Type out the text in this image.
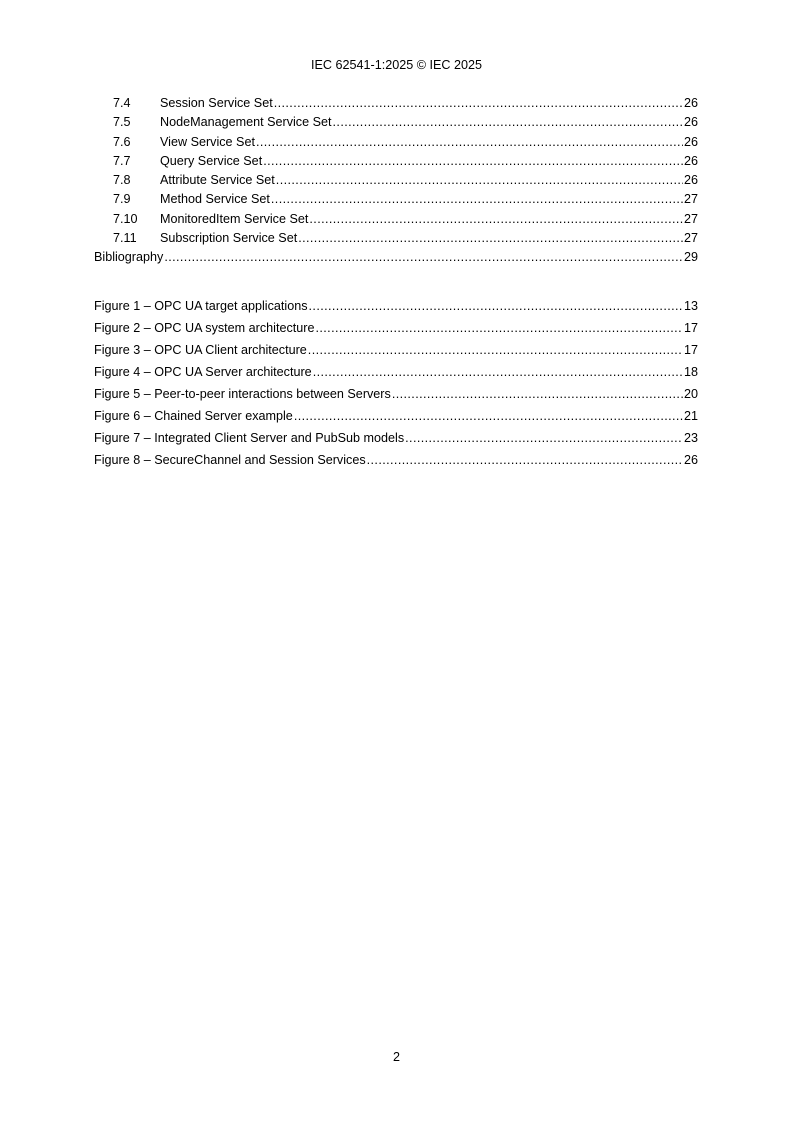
IEC 62541-1:2025 © IEC 2025
7.4	Session Service Set .....	26
7.5	NodeManagement Service Set .....	26
7.6	View Service Set .....	26
7.7	Query Service Set .....	26
7.8	Attribute Service Set .....	26
7.9	Method Service Set .....	27
7.10	MonitoredItem Service Set .....	27
7.11	Subscription Service Set .....	27
Bibliography .....	29
Figure 1 – OPC UA target applications .....	13
Figure 2 – OPC UA system architecture .....	17
Figure 3 – OPC UA Client architecture .....	17
Figure 4 – OPC UA Server architecture .....	18
Figure 5 – Peer-to-peer interactions between Servers .....	20
Figure 6 – Chained Server example .....	21
Figure 7 – Integrated Client Server and PubSub models .....	23
Figure 8 – SecureChannel and Session Services .....	26
2
